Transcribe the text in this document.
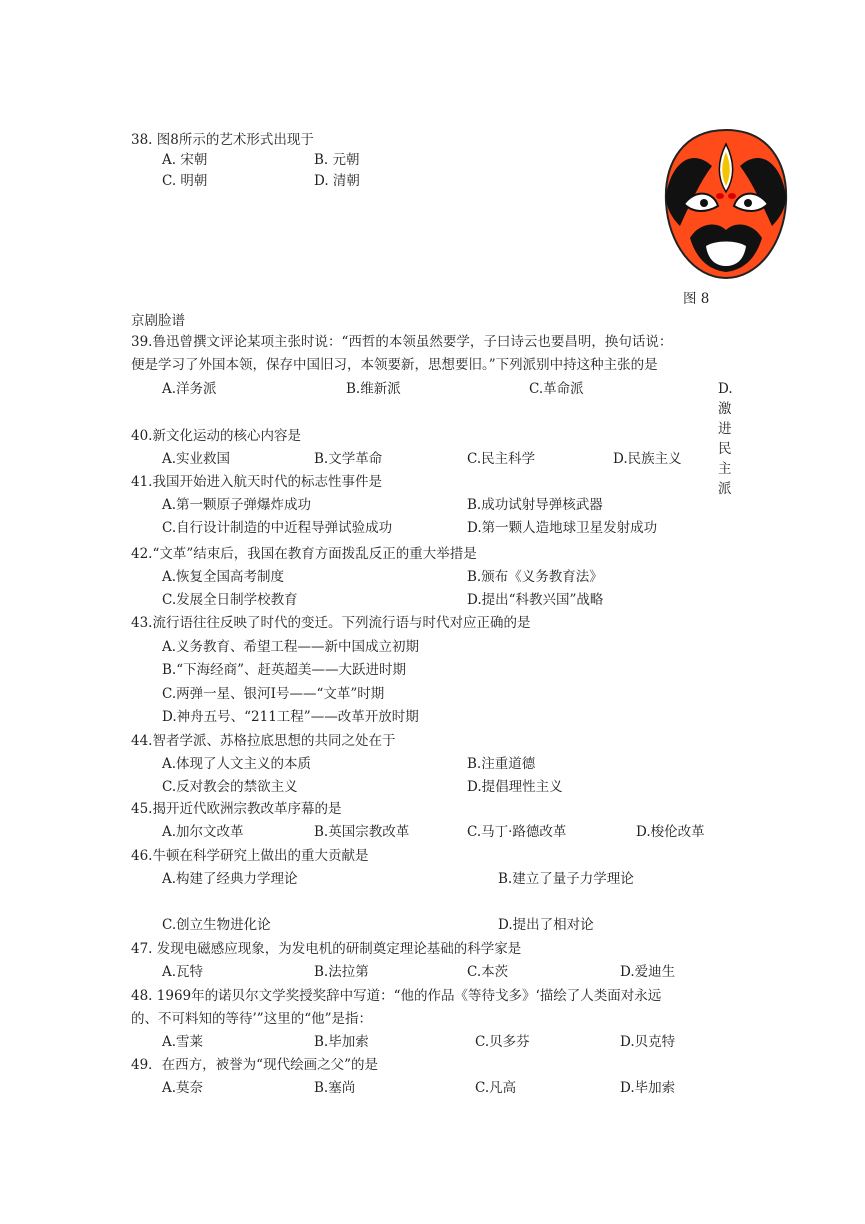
38. 图8所示的艺术形式出现于
A. 宋朝	B. 元朝
C. 明朝	D. 清朝
图 8
京剧脸谱
39.鲁迅曾撰文评论某项主张时说：“西哲的本领虽然要学，子曰诗云也要昌明，换句话说：
便是学习了外国本领，保存中国旧习，本领要新，思想要旧。”下列派别中持这种主张的是
A.洋务派	B.维新派	C.革命派	D.激进民主派
40.新文化运动的核心内容是
A.实业救国	B.文学革命	C.民主科学	D.民族主义
41.我国开始进入航天时代的标志性事件是
A.第一颗原子弹爆炸成功	B.成功试射导弹核武器
C.自行设计制造的中近程导弹试验成功	D.第一颗人造地球卫星发射成功
42.“文革”结束后，我国在教育方面拨乱反正的重大举措是
A.恢复全国高考制度	B.颁布《义务教育法》
C.发展全日制学校教育	D.提出“科教兴国”战略
43.流行语往往反映了时代的变迁。下列流行语与时代对应正确的是
A.义务教育、希望工程——新中国成立初期
B.“下海经商”、赶英超美——大跃进时期
C.两弹一星、银河Ⅰ号——“文革”时期
D.神舟五号、“211工程”——改革开放时期
44.智者学派、苏格拉底思想的共同之处在于
A.体现了人文主义的本质	B.注重道德
C.反对教会的禁欲主义	D.提倡理性主义
45.揭开近代欧洲宗教改革序幕的是
A.加尔文改革	B.英国宗教改革	C.马丁·路德改革	D.梭伦改革
46.牛顿在科学研究上做出的重大贡献是
A.构建了经典力学理论	B.建立了量子力学理论
C.创立生物进化论	D.提出了相对论
47. 发现电磁感应现象，为发电机的研制奠定理论基础的科学家是
A.瓦特	B.法拉第	C.本茨	D.爱迪生
48. 1969年的诺贝尔文学奖授奖辞中写道：“他的作品《等待戈多》‘描绘了人类面对永远
的、不可料知的等待’”这里的“他”是指：
A.雪莱	B.毕加索	C.贝多芬	D.贝克特
49．在西方，被誉为“现代绘画之父”的是
A.莫奈	B.塞尚	C.凡高	D.毕加索
